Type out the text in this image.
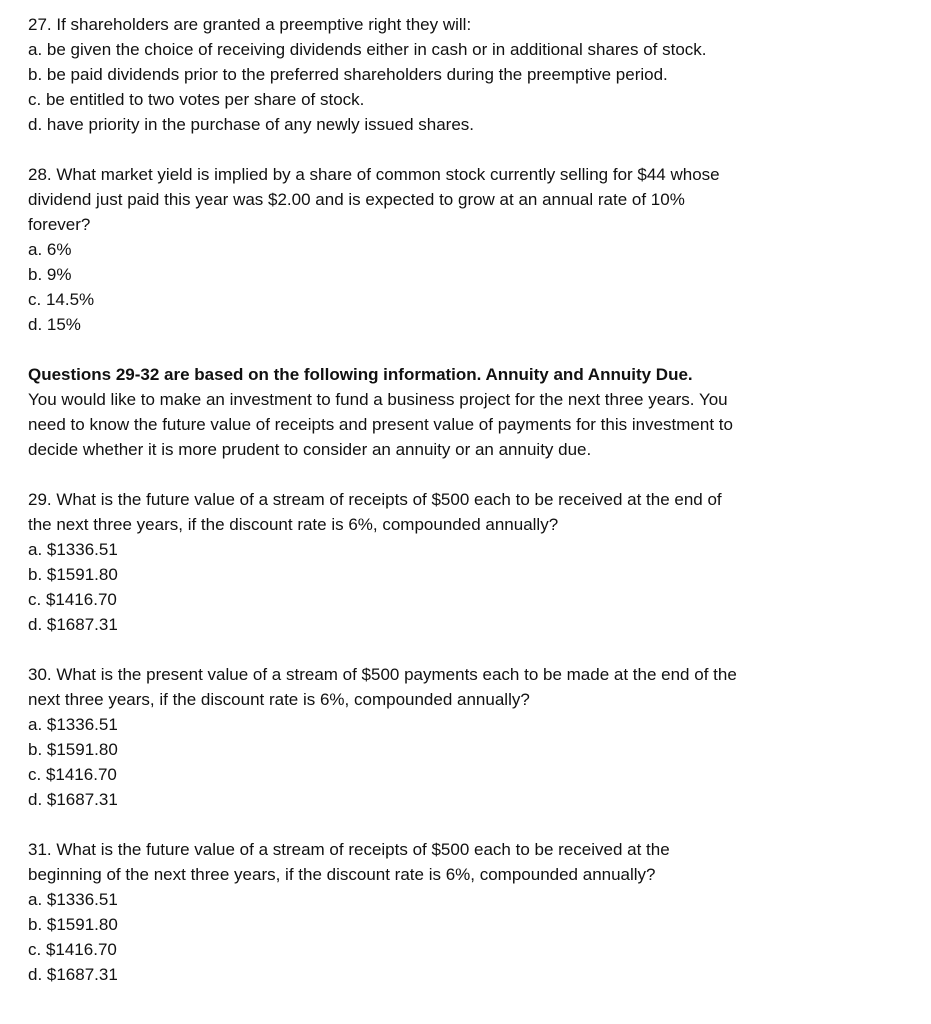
27. If shareholders are granted a preemptive right they will:
a. be given the choice of receiving dividends either in cash or in additional shares of stock.
b. be paid dividends prior to the preferred shareholders during the preemptive period.
c. be entitled to two votes per share of stock.
d. have priority in the purchase of any newly issued shares.
28. What market yield is implied by a share of common stock currently selling for $44 whose
dividend just paid this year was $2.00 and is expected to grow at an annual rate of 10%
forever?
a. 6%
b. 9%
c. 14.5%
d. 15%
Questions 29-32 are based on the following information. Annuity and Annuity Due.
You would like to make an investment to fund a business project for the next three years. You
need to know the future value of receipts and present value of payments for this investment to
decide whether it is more prudent to consider an annuity or an annuity due.
29. What is the future value of a stream of receipts of $500 each to be received at the end of
the next three years, if the discount rate is 6%, compounded annually?
a. $1336.51
b. $1591.80
c. $1416.70
d. $1687.31
30. What is the present value of a stream of $500 payments each to be made at the end of the
next three years, if the discount rate is 6%, compounded annually?
a. $1336.51
b. $1591.80
c. $1416.70
d. $1687.31
31. What is the future value of a stream of receipts of $500 each to be received at the
beginning of the next three years, if the discount rate is 6%, compounded annually?
a. $1336.51
b. $1591.80
c. $1416.70
d. $1687.31
